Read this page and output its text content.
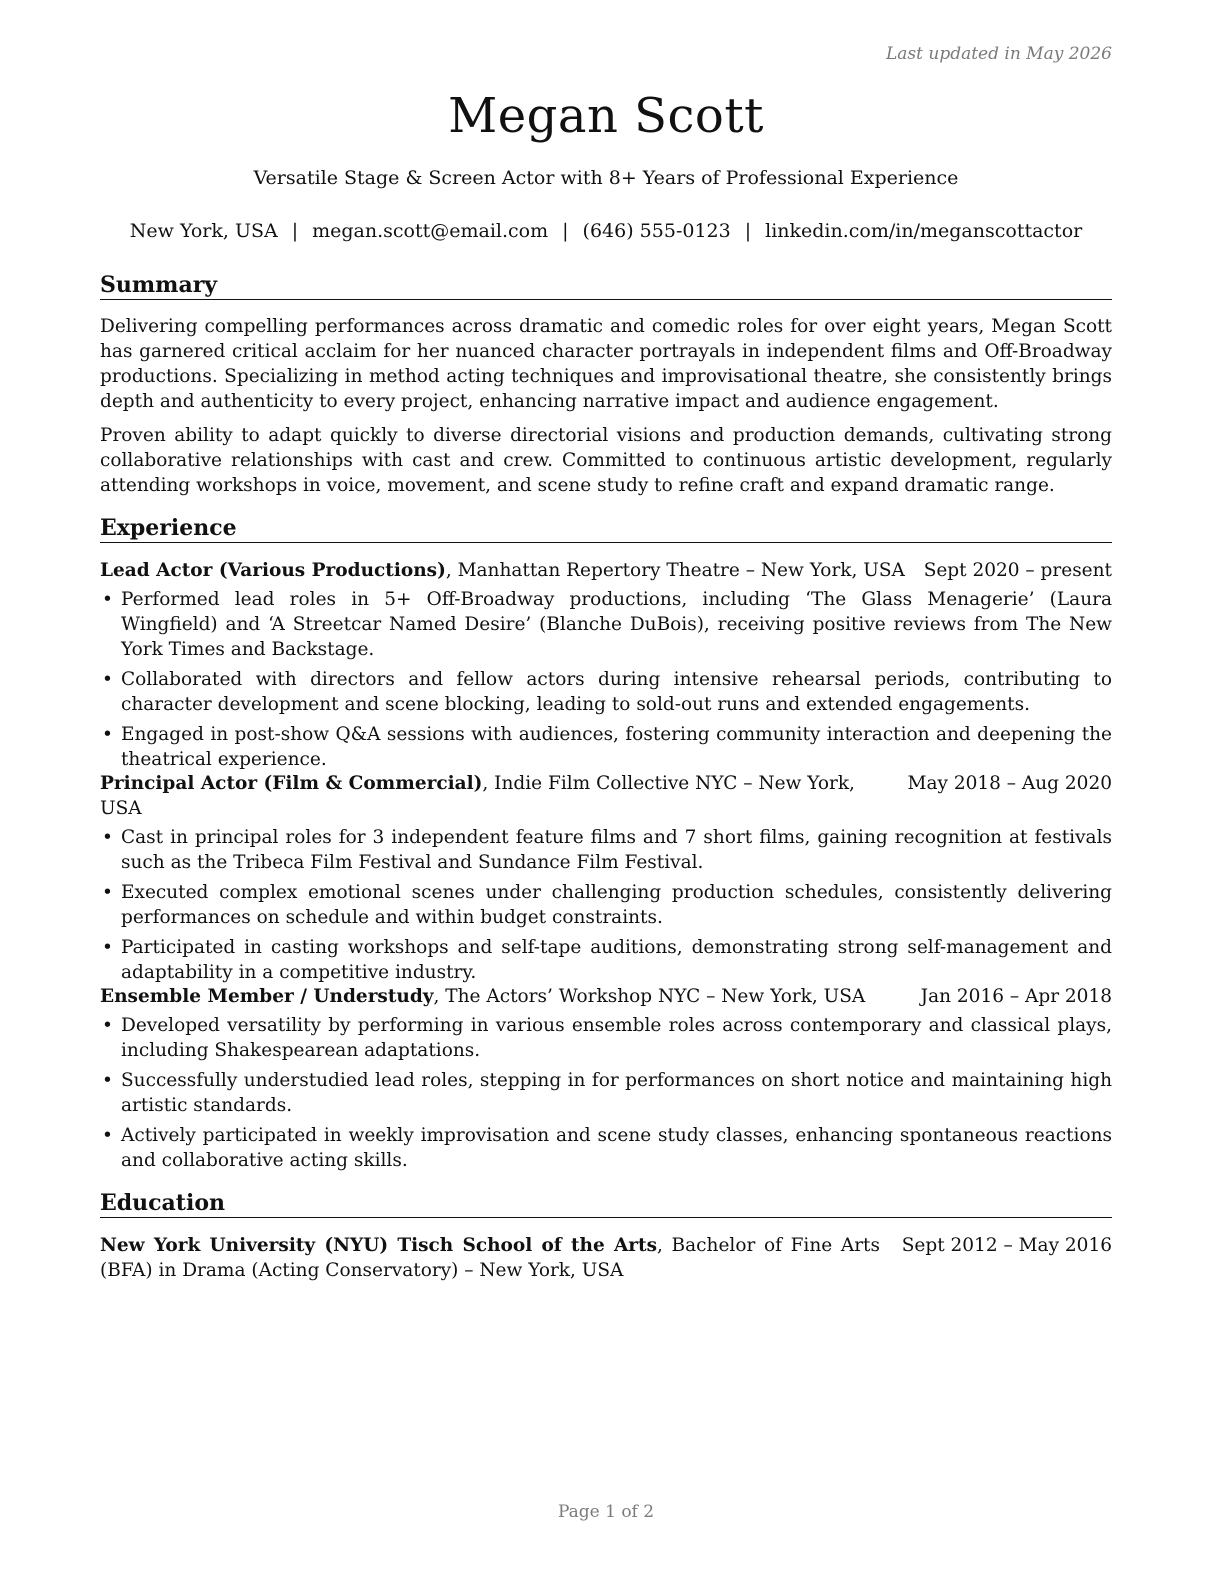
Last updated in May 2026
Megan Scott
Versatile Stage & Screen Actor with 8+ Years of Professional Experience
New York, USA | megan.scott@email.com | (646) 555-0123 | linkedin.com/in/meganscottactor
Summary

Delivering compelling performances across dramatic and comedic roles for over eight years, Megan Scott has garnered critical acclaim for her nuanced character portrayals in independent films and Off-Broadway productions. Specializing in method acting techniques and improvisational theatre, she consistently brings depth and authenticity to every project, enhancing narrative impact and audience engagement.

Proven ability to adapt quickly to diverse directorial visions and production demands, cultivating strong collaborative relationships with cast and crew. Committed to continuous artistic development, regularly attending workshops in voice, movement, and scene study to refine craft and expand dramatic range.

Experience
Lead Actor (Various Productions), Manhattan Repertory Theatre – New York, USA	Sept 2020 – present
• Performed lead roles in 5+ Off-Broadway productions, including ‘The Glass Menagerie’ (Laura Wingfield) and ‘A Streetcar Named Desire’ (Blanche DuBois), receiving positive reviews from The New York Times and Backstage.
• Collaborated with directors and fellow actors during intensive rehearsal periods, contributing to character development and scene blocking, leading to sold-out runs and extended engagements.
• Engaged in post-show Q&A sessions with audiences, fostering community interaction and deepening the theatrical experience.
Principal Actor (Film & Commercial), Indie Film Collective NYC – New York, USA
May 2018 – Aug 2020
• Cast in principal roles for 3 independent feature films and 7 short films, gaining recognition at festivals such as the Tribeca Film Festival and Sundance Film Festival.
• Executed complex emotional scenes under challenging production schedules, consistently delivering performances on schedule and within budget constraints.
• Participated in casting workshops and self-tape auditions, demonstrating strong self-management and adaptability in a competitive industry.
Ensemble Member / Understudy, The Actors’ Workshop NYC – New York, USA	Jan 2016 – Apr 2018
• Developed versatility by performing in various ensemble roles across contemporary and classical plays, including Shakespearean adaptations.
• Successfully understudied lead roles, stepping in for performances on short notice and maintaining high artistic standards.
• Actively participated in weekly improvisation and scene study classes, enhancing spontaneous reactions and collaborative acting skills.
Education
New York University (NYU) Tisch School of the Arts, Bachelor of Fine Arts (BFA) in Drama (Acting Conservatory) – New York, USA
Sept 2012 – May 2016
Page 1 of 2
